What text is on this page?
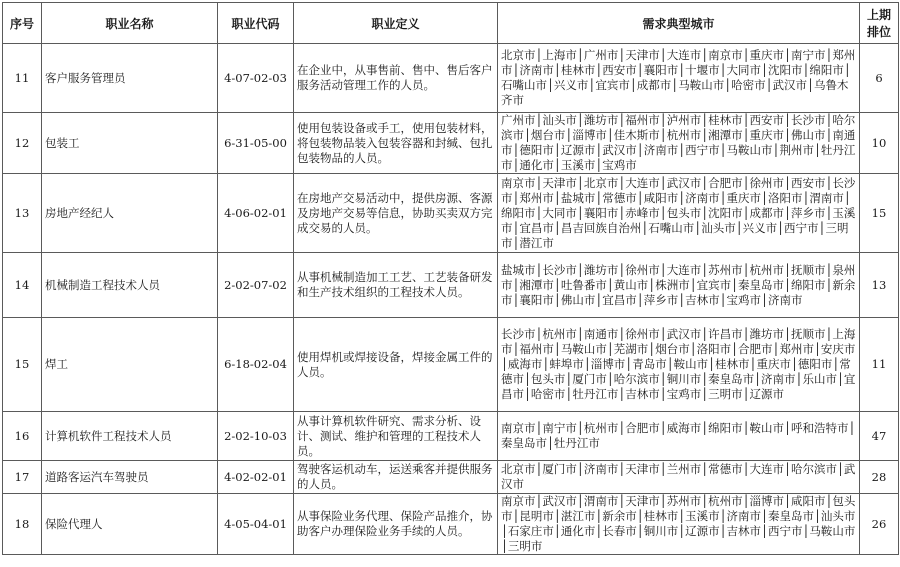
序号	职业名称	职业代码	职业定义	需求典型城市	上期排位
11	客户服务管理员	4-07-02-03	在企业中，从事售前、售中、售后客户服务活动管理工作的人员。	北京市│上海市│广州市│天津市│大连市│南京市│重庆市│南宁市│郑州市│济南市│桂林市│西安市│襄阳市│十堰市│大同市│沈阳市│绵阳市│石嘴山市│兴义市│宜宾市│成都市│马鞍山市│哈密市│武汉市│乌鲁木齐市	6
12	包装工	6-31-05-00	使用包装设备或手工，使用包装材料，将包装物品装入包装容器和封缄、包扎包装物品的人员。	广州市│汕头市│潍坊市│福州市│泸州市│桂林市│西安市│长沙市│哈尔滨市│烟台市│淄博市│佳木斯市│杭州市│湘潭市│重庆市│佛山市│南通市│德阳市│辽源市│武汉市│济南市│西宁市│马鞍山市│荆州市│牡丹江市│通化市│玉溪市│宝鸡市	10
13	房地产经纪人	4-06-02-01	在房地产交易活动中，提供房源、客源及房地产交易等信息，协助买卖双方完成交易的人员。	南京市│天津市│北京市│大连市│武汉市│合肥市│徐州市│西安市│长沙市│郑州市│盐城市│常德市│咸阳市│济南市│重庆市│洛阳市│渭南市│绵阳市│大同市│襄阳市│赤峰市│包头市│沈阳市│成都市│萍乡市│玉溪市│宜昌市│昌吉回族自治州│石嘴山市│汕头市│兴义市│西宁市│三明市│潜江市	15
14	机械制造工程技术人员	2-02-07-02	从事机械制造加工工艺、工艺装备研发和生产技术组织的工程技术人员。	盐城市│长沙市│潍坊市│徐州市│大连市│苏州市│杭州市│抚顺市│泉州市│湘潭市│吐鲁番市│黄山市│株洲市│宜宾市│秦皇岛市│绵阳市│新余市│襄阳市│佛山市│宜昌市│萍乡市│吉林市│宝鸡市│济南市	13
15	焊工	6-18-02-04	使用焊机或焊接设备，焊接金属工件的人员。	长沙市│杭州市│南通市│徐州市│武汉市│许昌市│潍坊市│抚顺市│上海市│福州市│马鞍山市│芜湖市│烟台市│洛阳市│合肥市│郑州市│安庆市│威海市│蚌埠市│淄博市│青岛市│鞍山市│桂林市│重庆市│德阳市│常德市│包头市│厦门市│哈尔滨市│铜川市│秦皇岛市│济南市│乐山市│宜昌市│哈密市│牡丹江市│吉林市│宝鸡市│三明市│辽源市	11
16	计算机软件工程技术人员	2-02-10-03	从事计算机软件研究、需求分析、设计、测试、维护和管理的工程技术人员。	南京市│南宁市│杭州市│合肥市│威海市│绵阳市│鞍山市│呼和浩特市│秦皇岛市│牡丹江市	47
17	道路客运汽车驾驶员	4-02-02-01	驾驶客运机动车，运送乘客并提供服务的人员。	北京市│厦门市│济南市│天津市│兰州市│常德市│大连市│哈尔滨市│武汉市	28
18	保险代理人	4-05-04-01	从事保险业务代理、保险产品推介，协助客户办理保险业务手续的人员。	南京市│武汉市│渭南市│天津市│苏州市│杭州市│淄博市│咸阳市│包头市│昆明市│湛江市│新余市│桂林市│玉溪市│济南市│秦皇岛市│汕头市│石家庄市│通化市│长春市│铜川市│辽源市│吉林市│西宁市│马鞍山市│三明市	26
